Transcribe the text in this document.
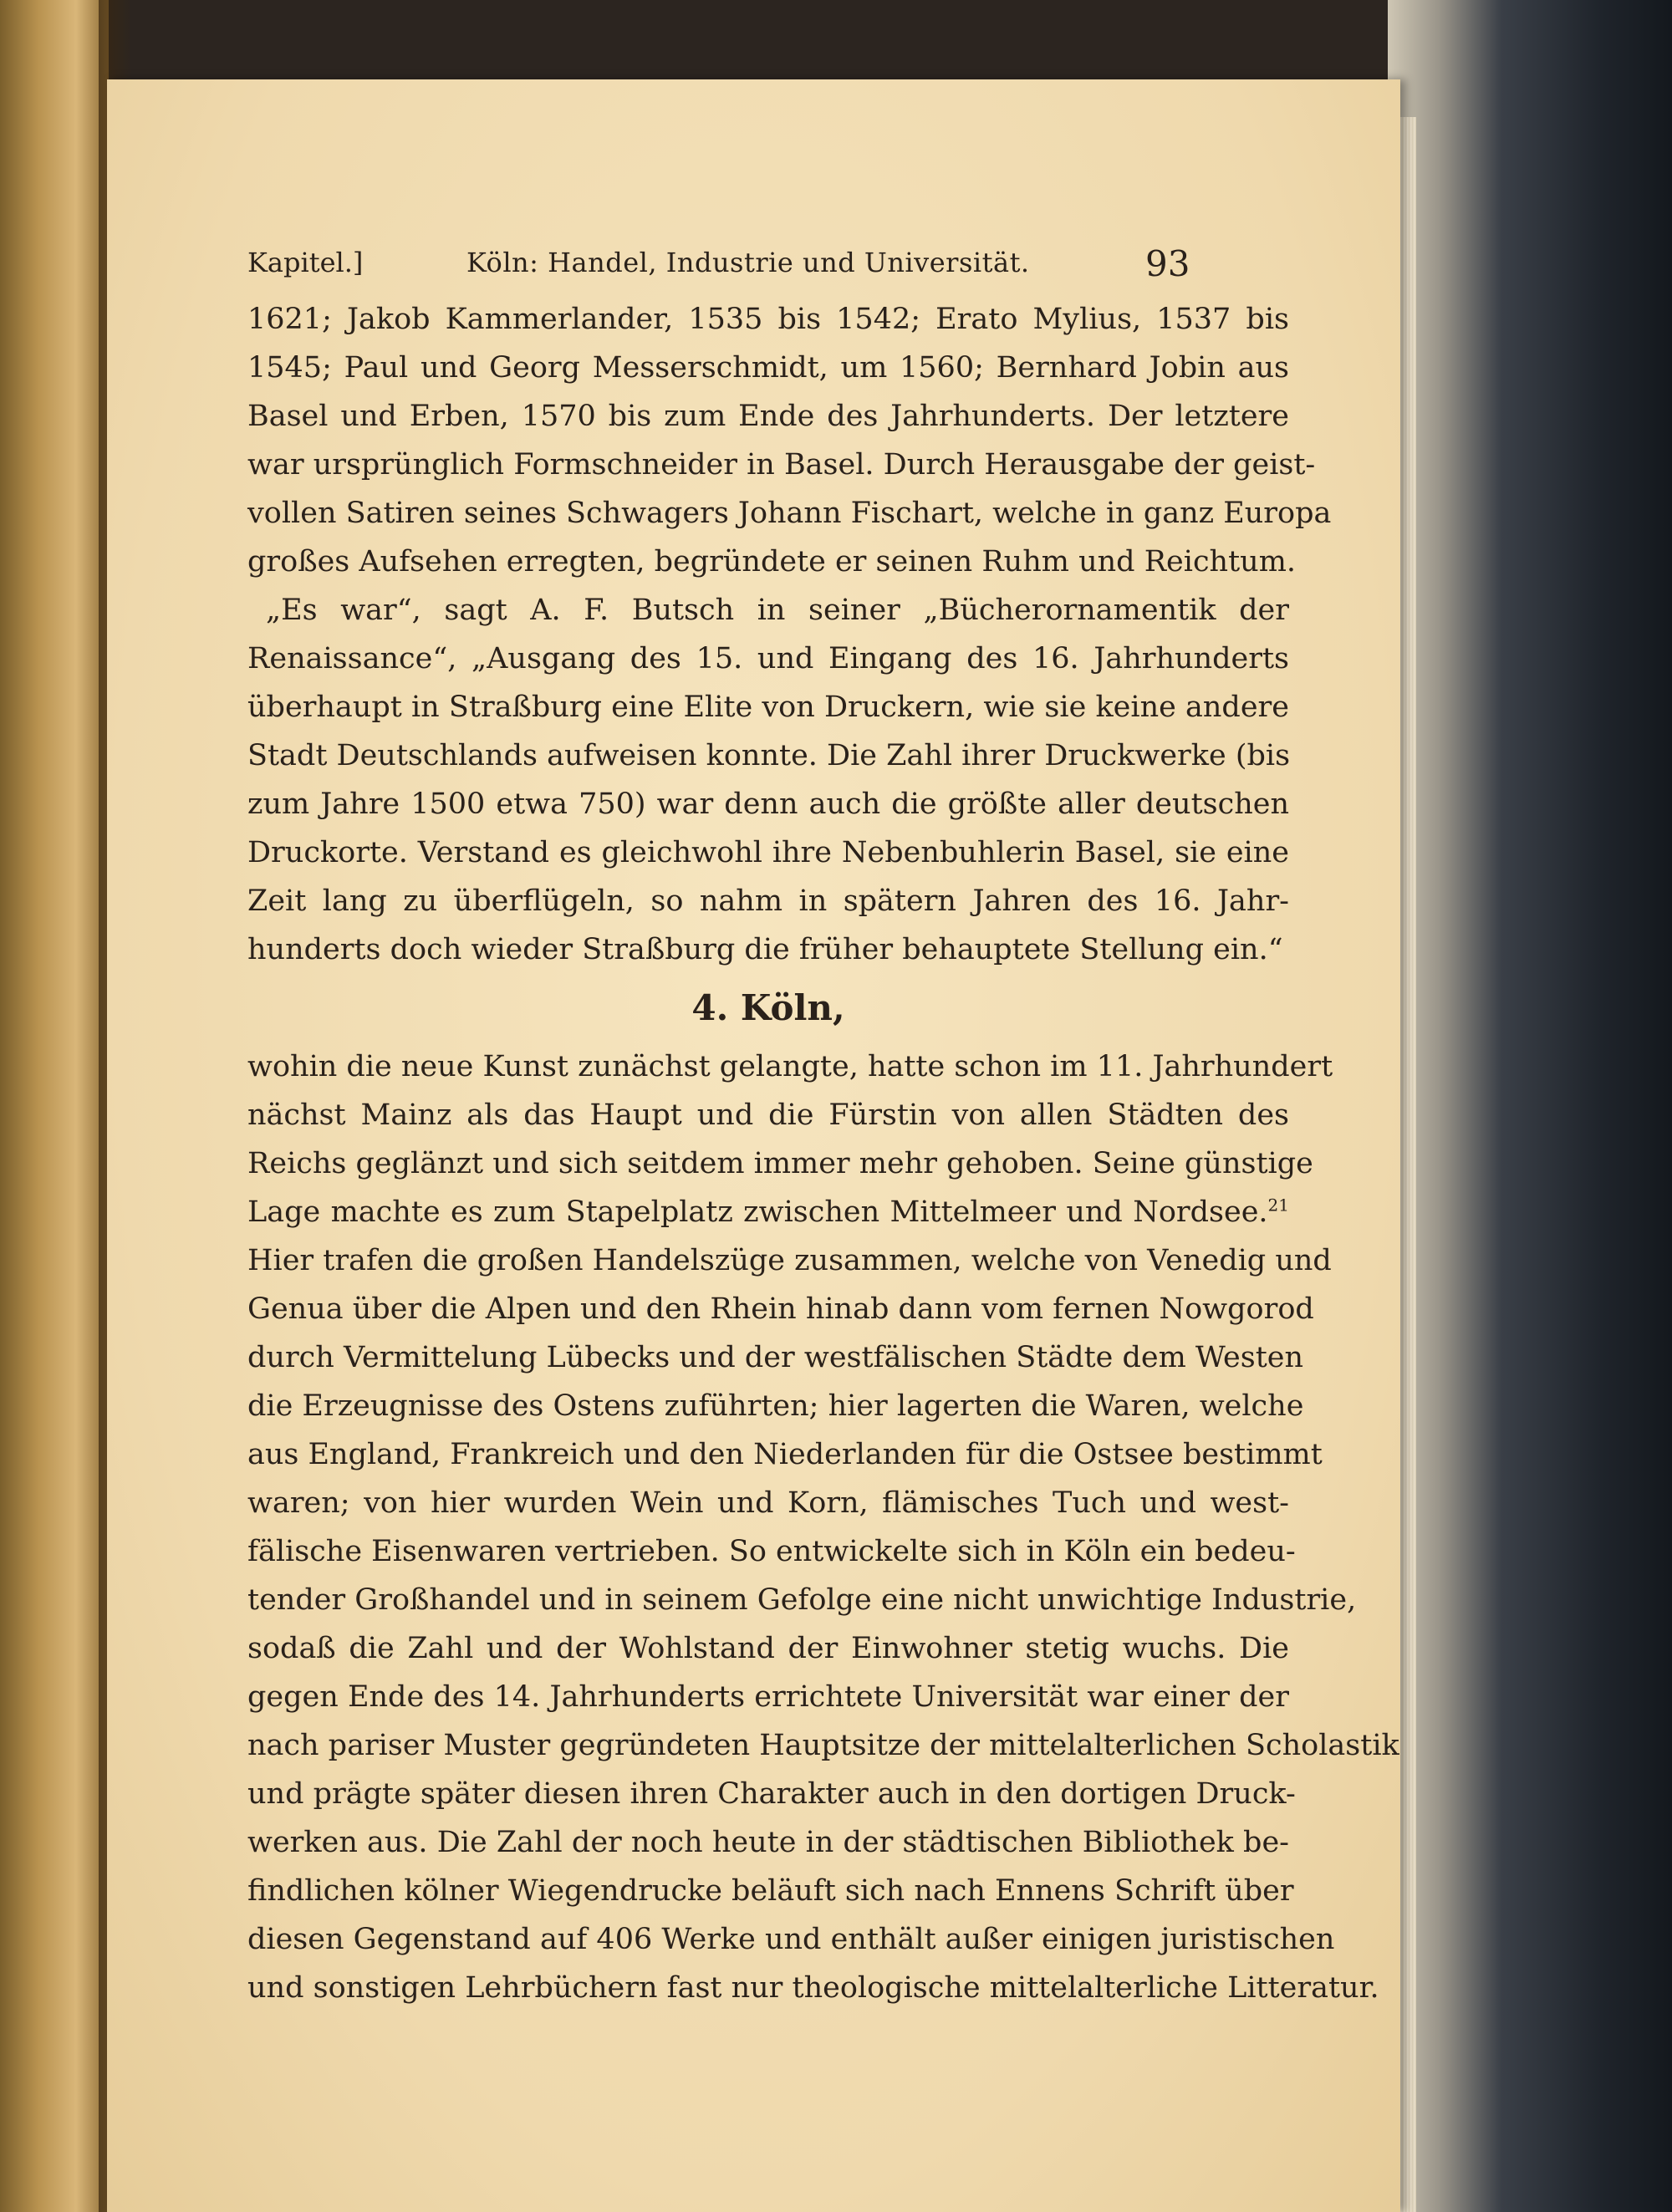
Kapitel.]	Köln: Handel, Industrie und Universität.	93
1621; Jakob Kammerlander, 1535 bis 1542; Erato Mylius, 1537 bis
1545; Paul und Georg Messerschmidt, um 1560; Bernhard Jobin aus
Basel und Erben, 1570 bis zum Ende des Jahrhunderts. Der letztere
war ursprünglich Formschneider in Basel. Durch Herausgabe der geist-
vollen Satiren seines Schwagers Johann Fischart, welche in ganz Europa
großes Aufsehen erregten, begründete er seinen Ruhm und Reichtum.
„Es war“, sagt A. F. Butsch in seiner „Bücherornamentik der
Renaissance“, „Ausgang des 15. und Eingang des 16. Jahrhunderts
überhaupt in Straßburg eine Elite von Druckern, wie sie keine andere
Stadt Deutschlands aufweisen konnte. Die Zahl ihrer Druckwerke (bis
zum Jahre 1500 etwa 750) war denn auch die größte aller deutschen
Druckorte. Verstand es gleichwohl ihre Nebenbuhlerin Basel, sie eine
Zeit lang zu überflügeln, so nahm in spätern Jahren des 16. Jahr-
hunderts doch wieder Straßburg die früher behauptete Stellung ein.“
4. Köln,
wohin die neue Kunst zunächst gelangte, hatte schon im 11. Jahrhundert
nächst Mainz als das Haupt und die Fürstin von allen Städten des
Reichs geglänzt und sich seitdem immer mehr gehoben. Seine günstige
Lage machte es zum Stapelplatz zwischen Mittelmeer und Nordsee.$^{21}$
Hier trafen die großen Handelszüge zusammen, welche von Venedig und
Genua über die Alpen und den Rhein hinab dann vom fernen Nowgorod
durch Vermittelung Lübecks und der westfälischen Städte dem Westen
die Erzeugnisse des Ostens zuführten; hier lagerten die Waren, welche
aus England, Frankreich und den Niederlanden für die Ostsee bestimmt
waren; von hier wurden Wein und Korn, flämisches Tuch und west-
fälische Eisenwaren vertrieben. So entwickelte sich in Köln ein bedeu-
tender Großhandel und in seinem Gefolge eine nicht unwichtige Industrie,
sodaß die Zahl und der Wohlstand der Einwohner stetig wuchs. Die
gegen Ende des 14. Jahrhunderts errichtete Universität war einer der
nach pariser Muster gegründeten Hauptsitze der mittelalterlichen Scholastik
und prägte später diesen ihren Charakter auch in den dortigen Druck-
werken aus. Die Zahl der noch heute in der städtischen Bibliothek be-
findlichen kölner Wiegendrucke beläuft sich nach Ennens Schrift über
diesen Gegenstand auf 406 Werke und enthält außer einigen juristischen
und sonstigen Lehrbüchern fast nur theologische mittelalterliche Litteratur.
